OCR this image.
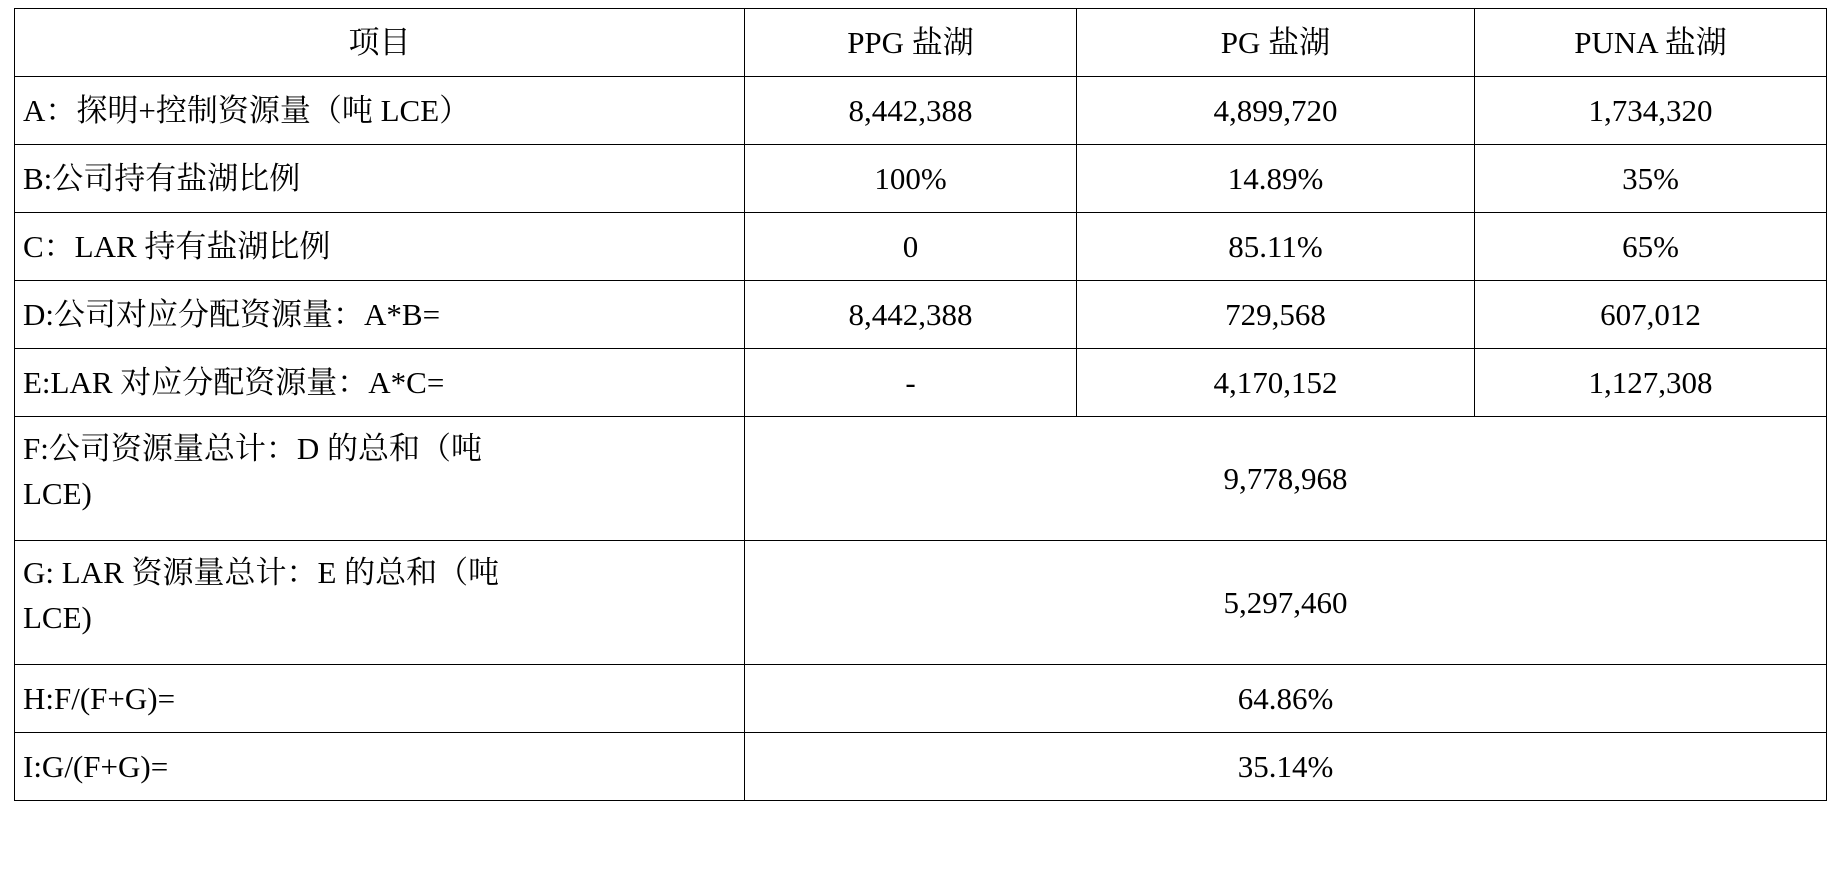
项目	PPG 盐湖	PG 盐湖	PUNA 盐湖
A：探明+控制资源量（吨 LCE）	8,442,388	4,899,720	1,734,320
B:公司持有盐湖比例	100%	14.89%	35%
C：LAR 持有盐湖比例	0	85.11%	65%
D:公司对应分配资源量：A*B=	8,442,388	729,568	607,012
E:LAR 对应分配资源量：A*C=	-	4,170,152	1,127,308

F:公司资源量总计：D 的总和（吨
LCE)	9,778,968		

G: LAR 资源量总计：E 的总和（吨
LCE)	5,297,460		
H:F/(F+G)=	64.86%		
I:G/(F+G)=	35.14%		
